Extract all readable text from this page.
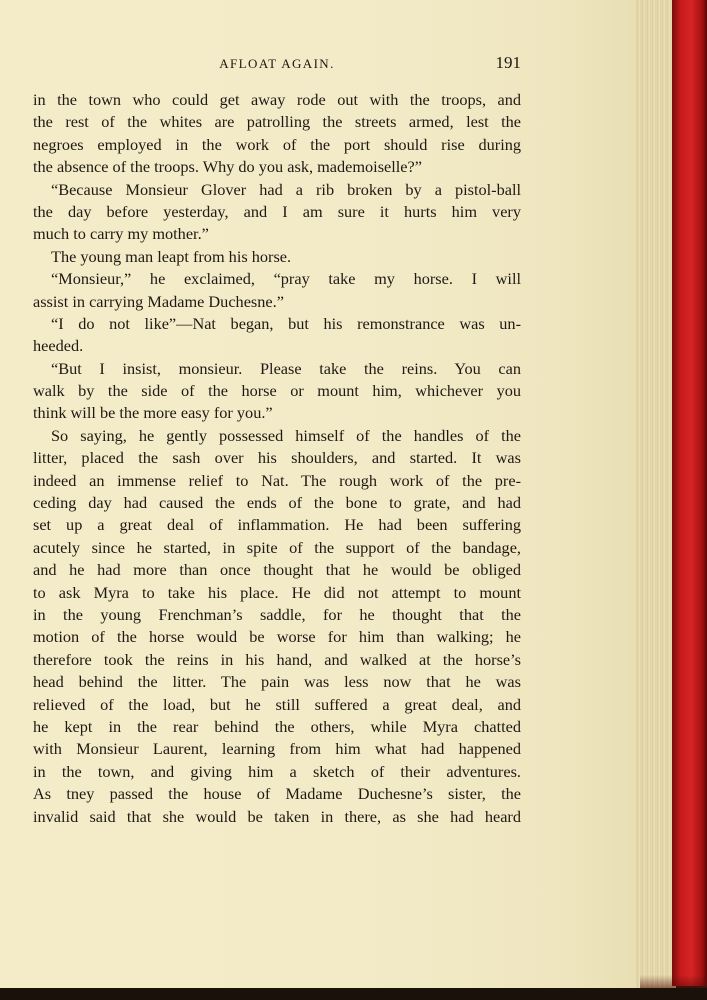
AFLOAT AGAIN.	191
in the town who could get away rode out with the troops, and
the rest of the whites are patrolling the streets armed, lest the
negroes employed in the work of the port should rise during
the absence of the troops. Why do you ask, mademoiselle?”
“Because Monsieur Glover had a rib broken by a pistol-ball
the day before yesterday, and I am sure it hurts him very
much to carry my mother.”
The young man leapt from his horse.
“Monsieur,” he exclaimed, “pray take my horse. I will
assist in carrying Madame Duchesne.”
“I do not like”—Nat began, but his remonstrance was un-
heeded.
“But I insist, monsieur. Please take the reins. You can
walk by the side of the horse or mount him, whichever you
think will be the more easy for you.”
So saying, he gently possessed himself of the handles of the
litter, placed the sash over his shoulders, and started. It was
indeed an immense relief to Nat. The rough work of the pre-
ceding day had caused the ends of the bone to grate, and had
set up a great deal of inflammation. He had been suffering
acutely since he started, in spite of the support of the bandage,
and he had more than once thought that he would be obliged
to ask Myra to take his place. He did not attempt to mount
in the young Frenchman’s saddle, for he thought that the
motion of the horse would be worse for him than walking; he
therefore took the reins in his hand, and walked at the horse’s
head behind the litter. The pain was less now that he was
relieved of the load, but he still suffered a great deal, and
he kept in the rear behind the others, while Myra chatted
with Monsieur Laurent, learning from him what had happened
in the town, and giving him a sketch of their adventures.
As tney passed the house of Madame Duchesne’s sister, the
invalid said that she would be taken in there, as she had heard
